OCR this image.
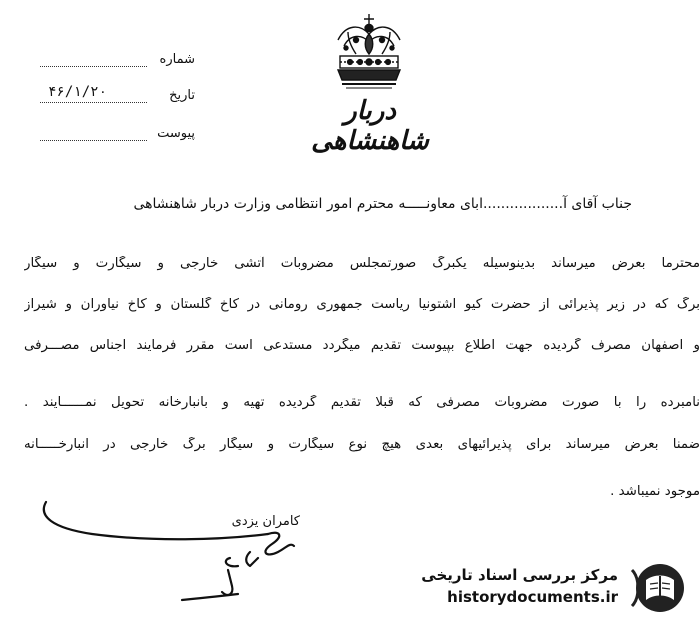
دربار شاهنشاهی
شماره
تاریخ
۴۶/۱/۲۰
پیوست
جناب آقای آ..................ابای معاونـــــه محترم امور انتظامی وزارت دربار شاهنشاهی
محترما بعرض میرساند بدینوسیله یکبرگ صورتمجلس مضروبات آتشی خارجی و سیگارت و سیگار
برگ که در زیر پذیرائی از حضرت کیو اشتونیا ریاست جمهوری رومانی در کاخ گلستان و کاخ نیاوران و شیراز
و اصفهان مصرف گردیده جهت اطلاع بپیوست تقدیم میگردد مستدعی است مقرر فرمایند اجناس مصـــرفی
نامبرده را با صورت مضروبات مصرفی که قبلا تقدیم گردیده تهیه و بانبارخانه تحویل نمــــــایند .
ضمنا بعرض میرساند برای پذیرائیهای بعدی هیچ نوع سیگارت و سیگار برگ خارجی در انبارخـــــانه
موجود نمیباشد .
کامران یزدی
مرکز بررسی اسناد تاریخی
historydocuments.ir
